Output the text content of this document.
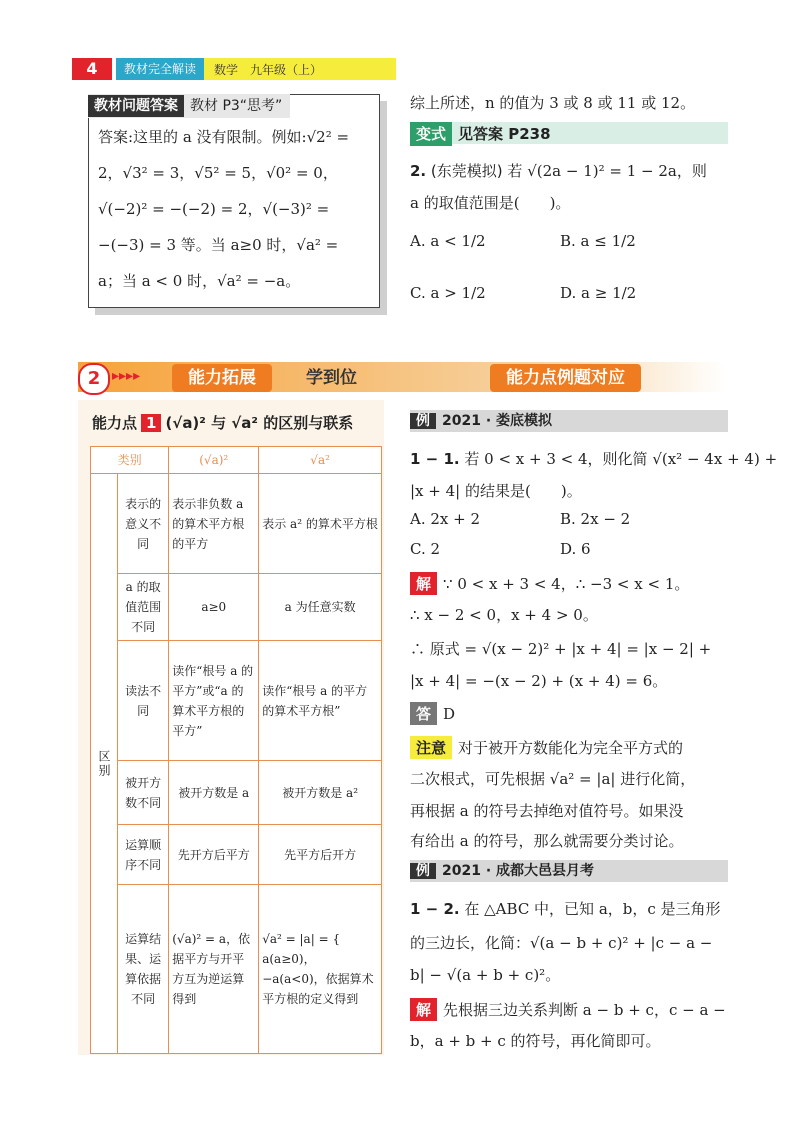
4	教材完全解读	数学　九年级（上）
教材问题答案 教材 P3“思考”
答案:这里的 a 没有限制。例如:√2² =
2，√3² = 3，√5² = 5，√0² = 0，
√(−2)² = −(−2) = 2，√(−3)² =
−(−3) = 3 等。当 a≥0 时，√a² =
a；当 a < 0 时，√a² = −a。
综上所述，n 的值为 3 或 8 或 11 或 12。
变式 见答案 P238
2. (东莞模拟) 若 √(2a − 1)² = 1 − 2a，则
a 的取值范围是(　　)。
A. a < 1/2	B. a ≤ 1/2
C. a > 1/2	D. a ≥ 1/2
2 ▸▸▸▸	能力拓展	学到位	能力点例题对应
能力点 1 (√a)² 与 √a² 的区别与联系
类别		(√a)²	√a²
区别	表示的意义不同	表示非负数 a 的算术平方根的平方	表示 a² 的算术平方根
	a 的取值范围不同	a≥0	a 为任意实数
	读法不同	读作“根号 a 的平方”或“a 的算术平方根的平方”	读作“根号 a 的平方的算术平方根”
	被开方数不同	被开方数是 a	被开方数是 a²
	运算顺序不同	先开方后平方	先平方后开方
	运算结果、运算依据不同	(√a)² = a，依据平方与开平方互为逆运算得到	√a² = |a| = { a(a≥0)，−a(a<0)，依据算术平方根的定义得到
例 2021 · 娄底模拟
1 − 1. 若 0 < x + 3 < 4，则化简 √(x² − 4x + 4) +
|x + 4| 的结果是(　　)。
A. 2x + 2	B. 2x − 2
C. 2	D. 6
解 ∵ 0 < x + 3 < 4，∴ −3 < x < 1。
∴ x − 2 < 0，x + 4 > 0。
∴ 原式 = √(x − 2)² + |x + 4| = |x − 2| +
|x + 4| = −(x − 2) + (x + 4) = 6。
答 D
注意 对于被开方数能化为完全平方式的
二次根式，可先根据 √a² = |a| 进行化简，
再根据 a 的符号去掉绝对值符号。如果没
有给出 a 的符号，那么就需要分类讨论。
例 2021 · 成都大邑县月考
1 − 2. 在 △ABC 中，已知 a，b，c 是三角形
的三边长，化简：√(a − b + c)² + |c − a −
b| − √(a + b + c)²。
解 先根据三边关系判断 a − b + c，c − a −
b，a + b + c 的符号，再化简即可。
